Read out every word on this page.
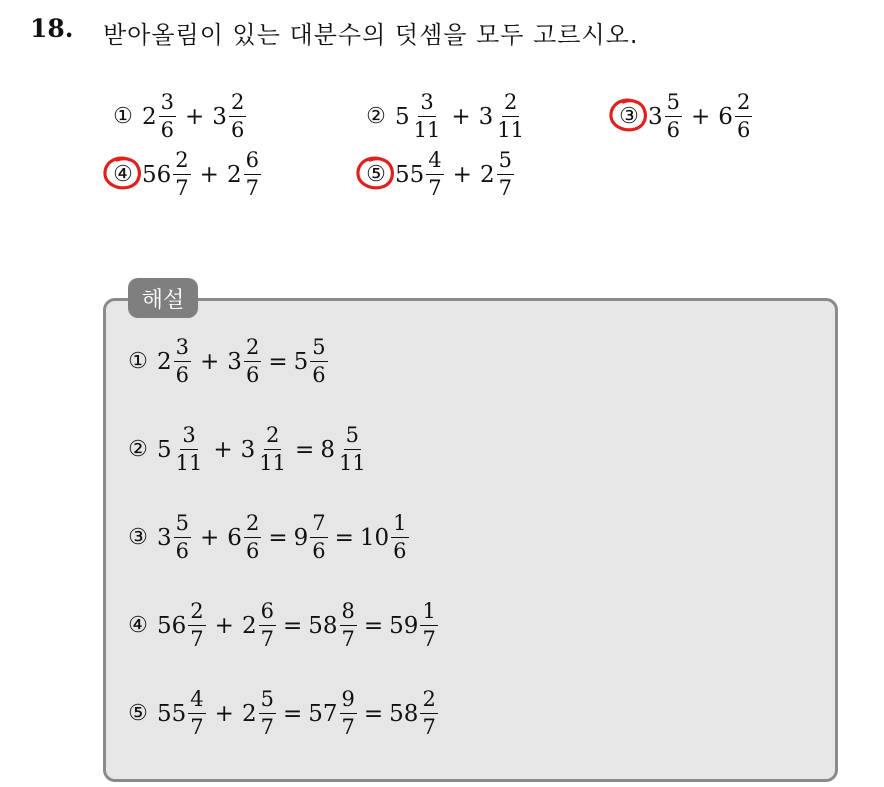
18. 받아올림이 있는 대분수의 덧셈을 모두 고르시오.
① $2 \frac{3}{6} + 3 \frac{2}{6}$	② $5 \frac{3}{11} + 3 \frac{2}{11}$	③ $3 \frac{5}{6} + 6 \frac{2}{6}$
④ $56 \frac{2}{7} + 2 \frac{6}{7}$	⑤ $55 \frac{4}{7} + 2 \frac{5}{7}$
해설
① $2 \frac{3}{6} + 3 \frac{2}{6} = 5 \frac{5}{6}$
② $5 \frac{3}{11} + 3 \frac{2}{11} = 8 \frac{5}{11}$
③ $3 \frac{5}{6} + 6 \frac{2}{6} = 9 \frac{7}{6} = 10 \frac{1}{6}$
④ $56 \frac{2}{7} + 2 \frac{6}{7} = 58 \frac{8}{7} = 59 \frac{1}{7}$
⑤ $55 \frac{4}{7} + 2 \frac{5}{7} = 57 \frac{9}{7} = 58 \frac{2}{7}$
